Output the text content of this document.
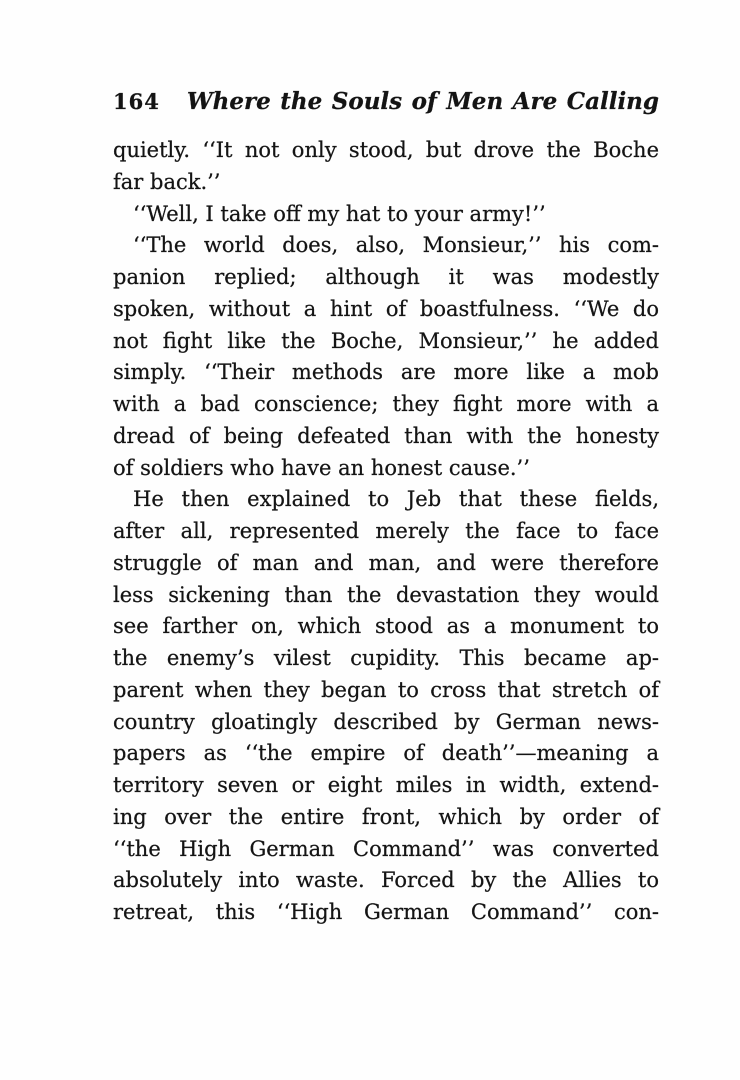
164 Where the Souls of Men Are Calling
quietly. ‘‘It not only stood, but drove the Boche
far back.’’
‘‘Well, I take off my hat to your army!’’
‘‘The world does, also, Monsieur,’’ his com-
panion replied; although it was modestly
spoken, without a hint of boastfulness. ‘‘We do
not fight like the Boche, Monsieur,’’ he added
simply. ‘‘Their methods are more like a mob
with a bad conscience; they fight more with a
dread of being defeated than with the honesty
of soldiers who have an honest cause.’’
He then explained to Jeb that these fields,
after all, represented merely the face to face
struggle of man and man, and were therefore
less sickening than the devastation they would
see farther on, which stood as a monument to
the enemy’s vilest cupidity. This became ap-
parent when they began to cross that stretch of
country gloatingly described by German news-
papers as ‘‘the empire of death’’—meaning a
territory seven or eight miles in width, extend-
ing over the entire front, which by order of
‘‘the High German Command’’ was converted
absolutely into waste. Forced by the Allies to
retreat, this ‘‘High German Command’’ con-
